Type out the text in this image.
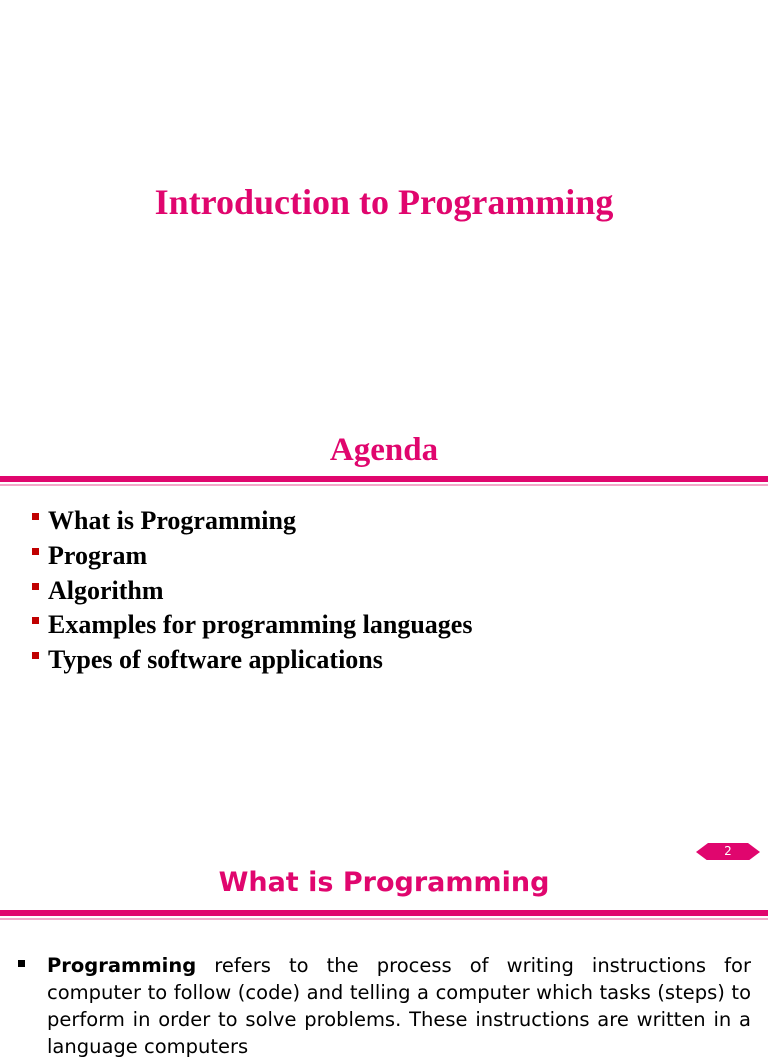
Introduction to Programming
Agenda
What is Programming
Program
Algorithm
Examples for programming languages
Types of software applications
2
What is Programming

Programming refers to the process of writing instructions for computer to follow (code) and telling a computer which tasks (steps) to perform in order to solve problems. These instructions are written in a language computers
